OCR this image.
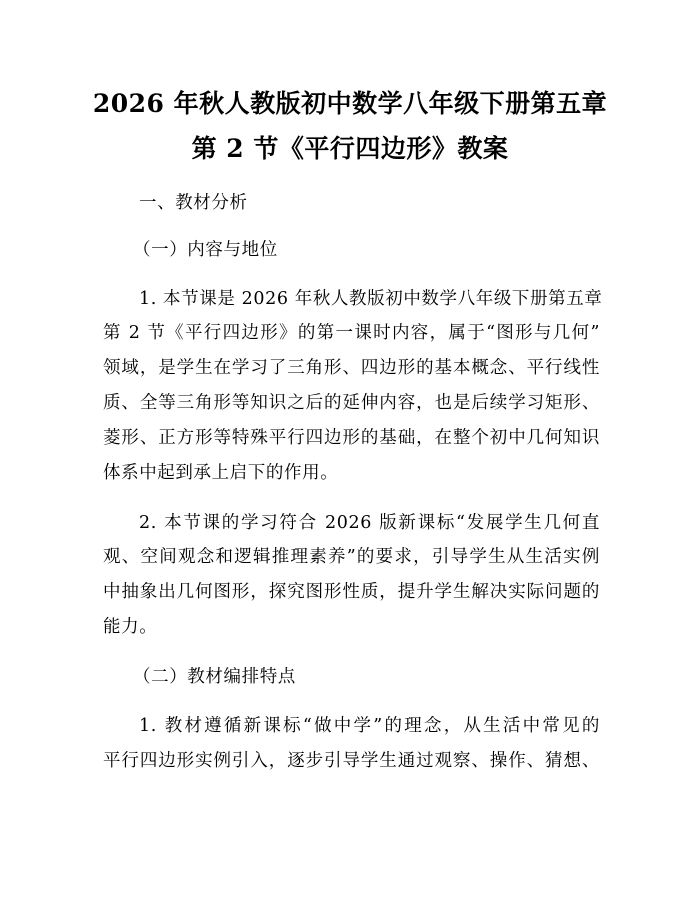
2026 年秋人教版初中数学八年级下册第五章
第 2 节《平行四边形》教案
一、教材分析
（一）内容与地位
1. 本节课是 2026 年秋人教版初中数学八年级下册第五章
第 2 节《平行四边形》的第一课时内容，属于“图形与几何”
领域，是学生在学习了三角形、四边形的基本概念、平行线性
质、全等三角形等知识之后的延伸内容，也是后续学习矩形、
菱形、正方形等特殊平行四边形的基础，在整个初中几何知识
体系中起到承上启下的作用。
2. 本节课的学习符合 2026 版新课标“发展学生几何直
观、空间观念和逻辑推理素养”的要求，引导学生从生活实例
中抽象出几何图形，探究图形性质，提升学生解决实际问题的
能力。
（二）教材编排特点
1. 教材遵循新课标“做中学”的理念，从生活中常见的
平行四边形实例引入，逐步引导学生通过观察、操作、猜想、
